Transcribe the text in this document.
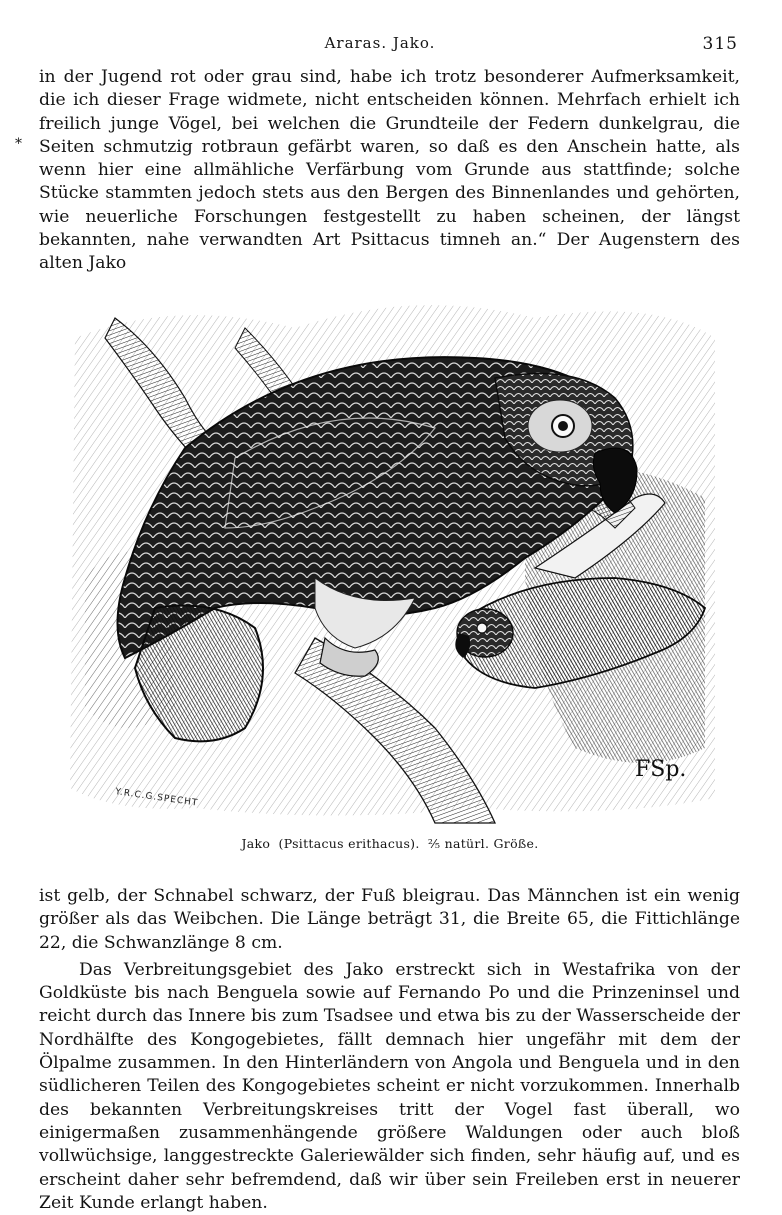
Araras. Jako.	315
*

in der Jugend rot oder grau sind, habe ich trotz besonderer Aufmerksamkeit, die ich dieser Frage widmete, nicht entscheiden können. Mehrfach erhielt ich freilich junge Vögel, bei welchen die Grundteile der Federn dunkelgrau, die Seiten schmutzig rotbraun gefärbt waren, so daß es den Anschein hatte, als wenn hier eine allmähliche Verfärbung vom Grunde aus stattfinde; solche Stücke stammten jedoch stets aus den Bergen des Binnenlandes und gehörten, wie neuerliche Forschungen festgestellt zu haben scheinen, der längst bekannten, nahe verwandten Art Psittacus timneh an.“ Der Augenstern des alten Jako

Y.R.C.G.SPECHT
FSp.
Jako (Psittacus erithacus). ⅖ natürl. Größe.

ist gelb, der Schnabel schwarz, der Fuß bleigrau. Das Männchen ist ein wenig größer als das Weibchen. Die Länge beträgt 31, die Breite 65, die Fittichlänge 22, die Schwanzlänge 8 cm.

Das Verbreitungsgebiet des Jako erstreckt sich in Westafrika von der Goldküste bis nach Benguela sowie auf Fernando Po und die Prinzeninsel und reicht durch das Innere bis zum Tsadsee und etwa bis zu der Wasserscheide der Nordhälfte des Kongogebietes, fällt demnach hier ungefähr mit dem der Ölpalme zusammen. In den Hinterländern von Angola und Benguela und in den südlicheren Teilen des Kongogebietes scheint er nicht vorzukommen. Innerhalb des bekannten Verbreitungskreises tritt der Vogel fast überall, wo einigermaßen zusammenhängende größere Waldungen oder auch bloß vollwüchsige, langgestreckte Galeriewälder sich finden, sehr häufig auf, und es erscheint daher sehr befremdend, daß wir über sein Freileben erst in neuerer Zeit Kunde erlangt haben.
